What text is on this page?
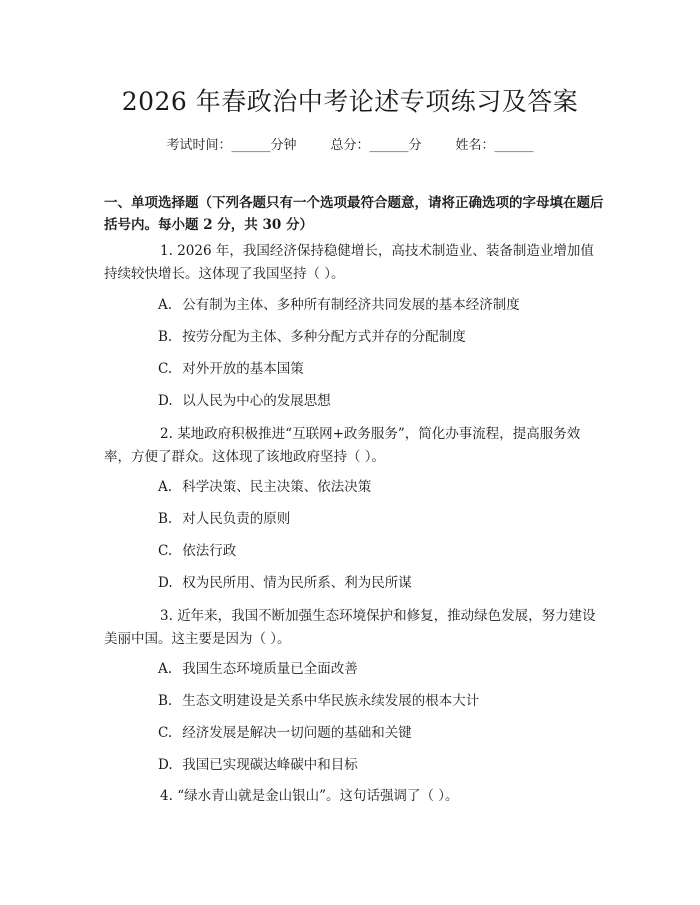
2026 年春政治中考论述专项练习及答案
考试时间：______分钟	总分：______分	姓名：______
一、单项选择题（下列各题只有一个选项最符合题意，请将正确选项的字母填在题后括号内。每小题 2 分，共 30 分）
1. 2026 年，我国经济保持稳健增长，高技术制造业、装备制造业增加值持续较快增长。这体现了我国坚持（ ）。
A. 公有制为主体、多种所有制经济共同发展的基本经济制度
B. 按劳分配为主体、多种分配方式并存的分配制度
C. 对外开放的基本国策
D. 以人民为中心的发展思想
2. 某地政府积极推进“互联网+政务服务”，简化办事流程，提高服务效率，方便了群众。这体现了该地政府坚持（ ）。
A. 科学决策、民主决策、依法决策
B. 对人民负责的原则
C. 依法行政
D. 权为民所用、情为民所系、利为民所谋
3. 近年来，我国不断加强生态环境保护和修复，推动绿色发展，努力建设美丽中国。这主要是因为（ ）。
A. 我国生态环境质量已全面改善
B. 生态文明建设是关系中华民族永续发展的根本大计
C. 经济发展是解决一切问题的基础和关键
D. 我国已实现碳达峰碳中和目标
4. “绿水青山就是金山银山”。这句话强调了（ ）。
